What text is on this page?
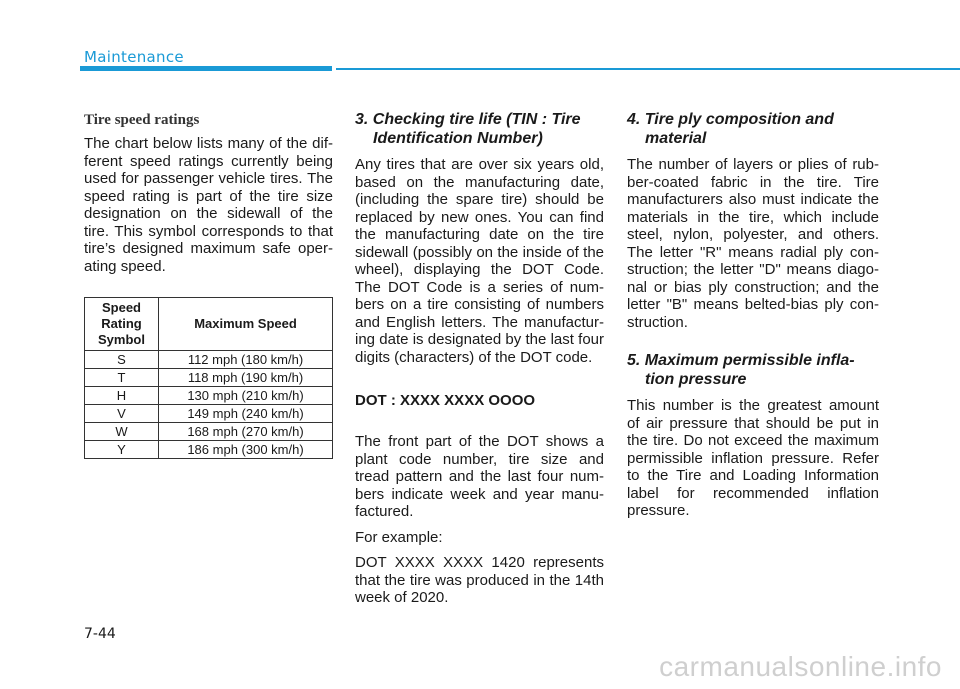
Maintenance
Tire speed ratings

The chart below lists many of the dif-ferent speed ratings currently being used for passenger vehicle tires. The speed rating is part of the tire size designation on the sidewall of the tire. This symbol corresponds to that tire’s designed maximum safe oper-ating speed.

Speed Rating Symbol	Maximum Speed
S	112 mph (180 km/h)
T	118 mph (190 km/h)
H	130 mph (210 km/h)
V	149 mph (240 km/h)
W	168 mph (270 km/h)
Y	186 mph (300 km/h)
3. Checking tire life (TIN : Tire Identification Number)

Any tires that are over six years old, based on the manufacturing date, (including the spare tire) should be replaced by new ones. You can find the manufacturing date on the tire sidewall (possibly on the inside of the wheel), displaying the DOT Code. The DOT Code is a series of num-bers on a tire consisting of numbers and English letters. The manufactur-ing date is designated by the last four digits (characters) of the DOT code.

DOT : XXXX XXXX OOOO

The front part of the DOT shows a plant code number, tire size and tread pattern and the last four num-bers indicate week and year manu-factured.

For example:

DOT XXXX XXXX 1420 represents that the tire was produced in the 14th week of 2020.

4. Tire ply composition and material

The number of layers or plies of rub-ber-coated fabric in the tire. Tire manufacturers also must indicate the materials in the tire, which include steel, nylon, polyester, and others. The letter "R" means radial ply con-struction; the letter "D" means diago-nal or bias ply construction; and the letter "B" means belted-bias ply con-struction.

5. Maximum permissible infla-tion pressure

This number is the greatest amount of air pressure that should be put in the tire. Do not exceed the maximum permissible inflation pressure. Refer to the Tire and Loading Information label for recommended inflation pressure.

7-44
carmanualsonline.info
